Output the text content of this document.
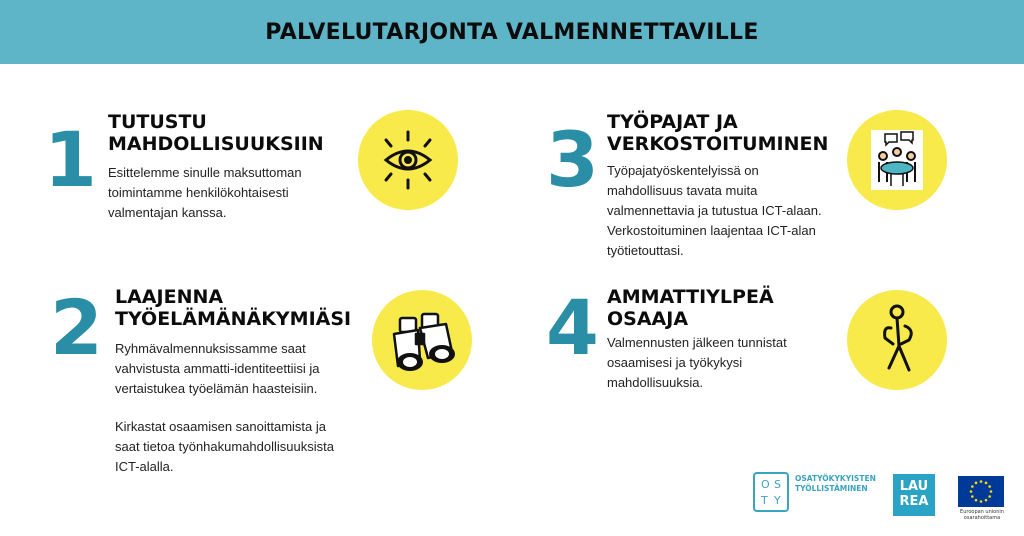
PALVELUTARJONTA VALMENNETTAVILLE
1 TUTUSTU
MAHDOLLISUUKSIIN

Esittelemme sinulle maksuttoman toimintamme henkilökohtaisesti valmentajan kanssa.

2 LAAJENNA
TYÖELÄMÄNÄKYMIÄSI

Ryhmävalmennuksissamme saat vahvistusta ammatti-identiteettiisi ja vertaistukea työelämän haasteisiin.

Kirkastat osaamisen sanoittamista ja saat tietoa työnhakumahdollisuuksista ICT-alalla.

3 TYÖPAJAT JA
VERKOSTOITUMINEN

Työpajatyöskentelyissä on mahdollisuus tavata muita valmennettavia ja tutustua ICT-alaan. Verkostoituminen laajentaa ICT-alan työtietouttasi.

4 AMMATTIYLPEÄ
OSAAJA

Valmennusten jälkeen tunnistat osaamisesi ja työkykysi mahdollisuuksia.

O S
T Y
OSATYÖKYKYISTEN
TYÖLLISTÄMINEN	LAU
REA
Euroopan unionin
osarahoittama
